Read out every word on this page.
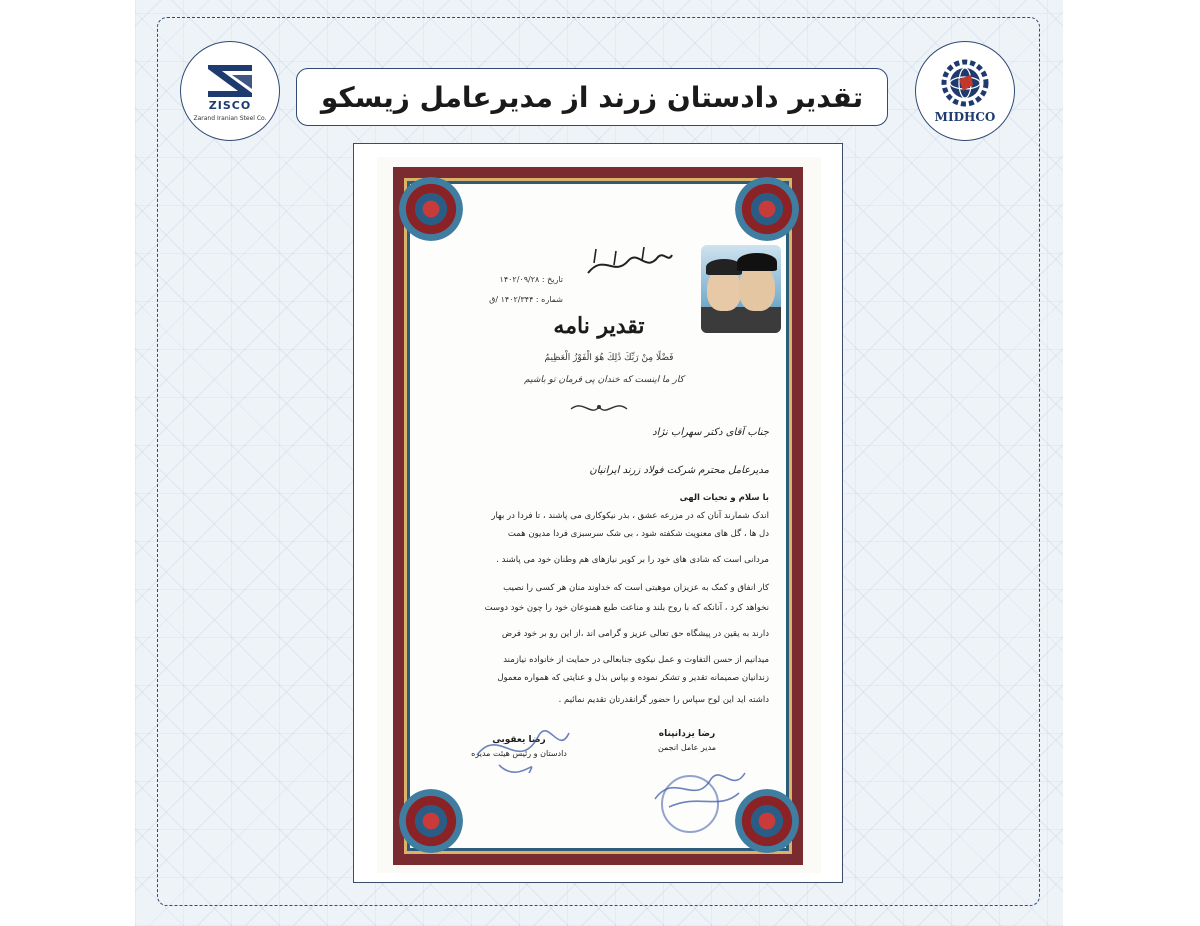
ZISCO
Zarand Iranian Steel Co.
تقدیر دادستان زرند از مدیرعامل زیسکو
MIDHCO
تاریخ : ۱۴۰۲/۰۹/۲۸
شماره : ۱۴۰۲/۳۴۴ /ق
تقدیر نامه
فَضْلًا مِنْ رَبِّكَ ذَٰلِكَ هُوَ الْفَوْزُ الْعَظِيمُ
کار ما اینست که خندان پی فرمان تو باشیم
جناب آقای دکتر سهراب نژاد
مدیرعامل محترم شرکت فولاد زرند ایرانیان
با سلام و تحیات الهی
اندک شمارند آنان که در مزرعه عشق ، بذر نیکوکاری می پاشند ، تا فردا در بهار
دل ها ، گل های معنویت شکفته شود ، بی شک سرسبزی فردا مدیون همت
مردانی است که شادی های خود را بر کویر نیازهای هم وطنان خود می پاشند .
کار انفاق و کمک به عزیزان موهبتی است که خداوند منان هر کسی را نصیب
نخواهد کرد ، آنانکه که با روح بلند و مناعت طبع همنوعان خود را چون خود دوست
دارند به یقین در پیشگاه حق تعالی عزیز و گرامی اند ،از این رو بر خود فرض
میدانیم از حسن التفاوت و عمل نیکوی جنابعالی در حمایت از خانواده نیازمند
زندانیان صمیمانه تقدیر و تشکر نموده و بپاس بذل و عنایتی که همواره معمول
داشته اید این لوح سپاس را حضور گرانقدرتان تقدیم نمائیم .
رضا یزدانپناه
مدیر عامل انجمن
رضا یعقوبی
دادستان و رئیس هیئت مدیره
